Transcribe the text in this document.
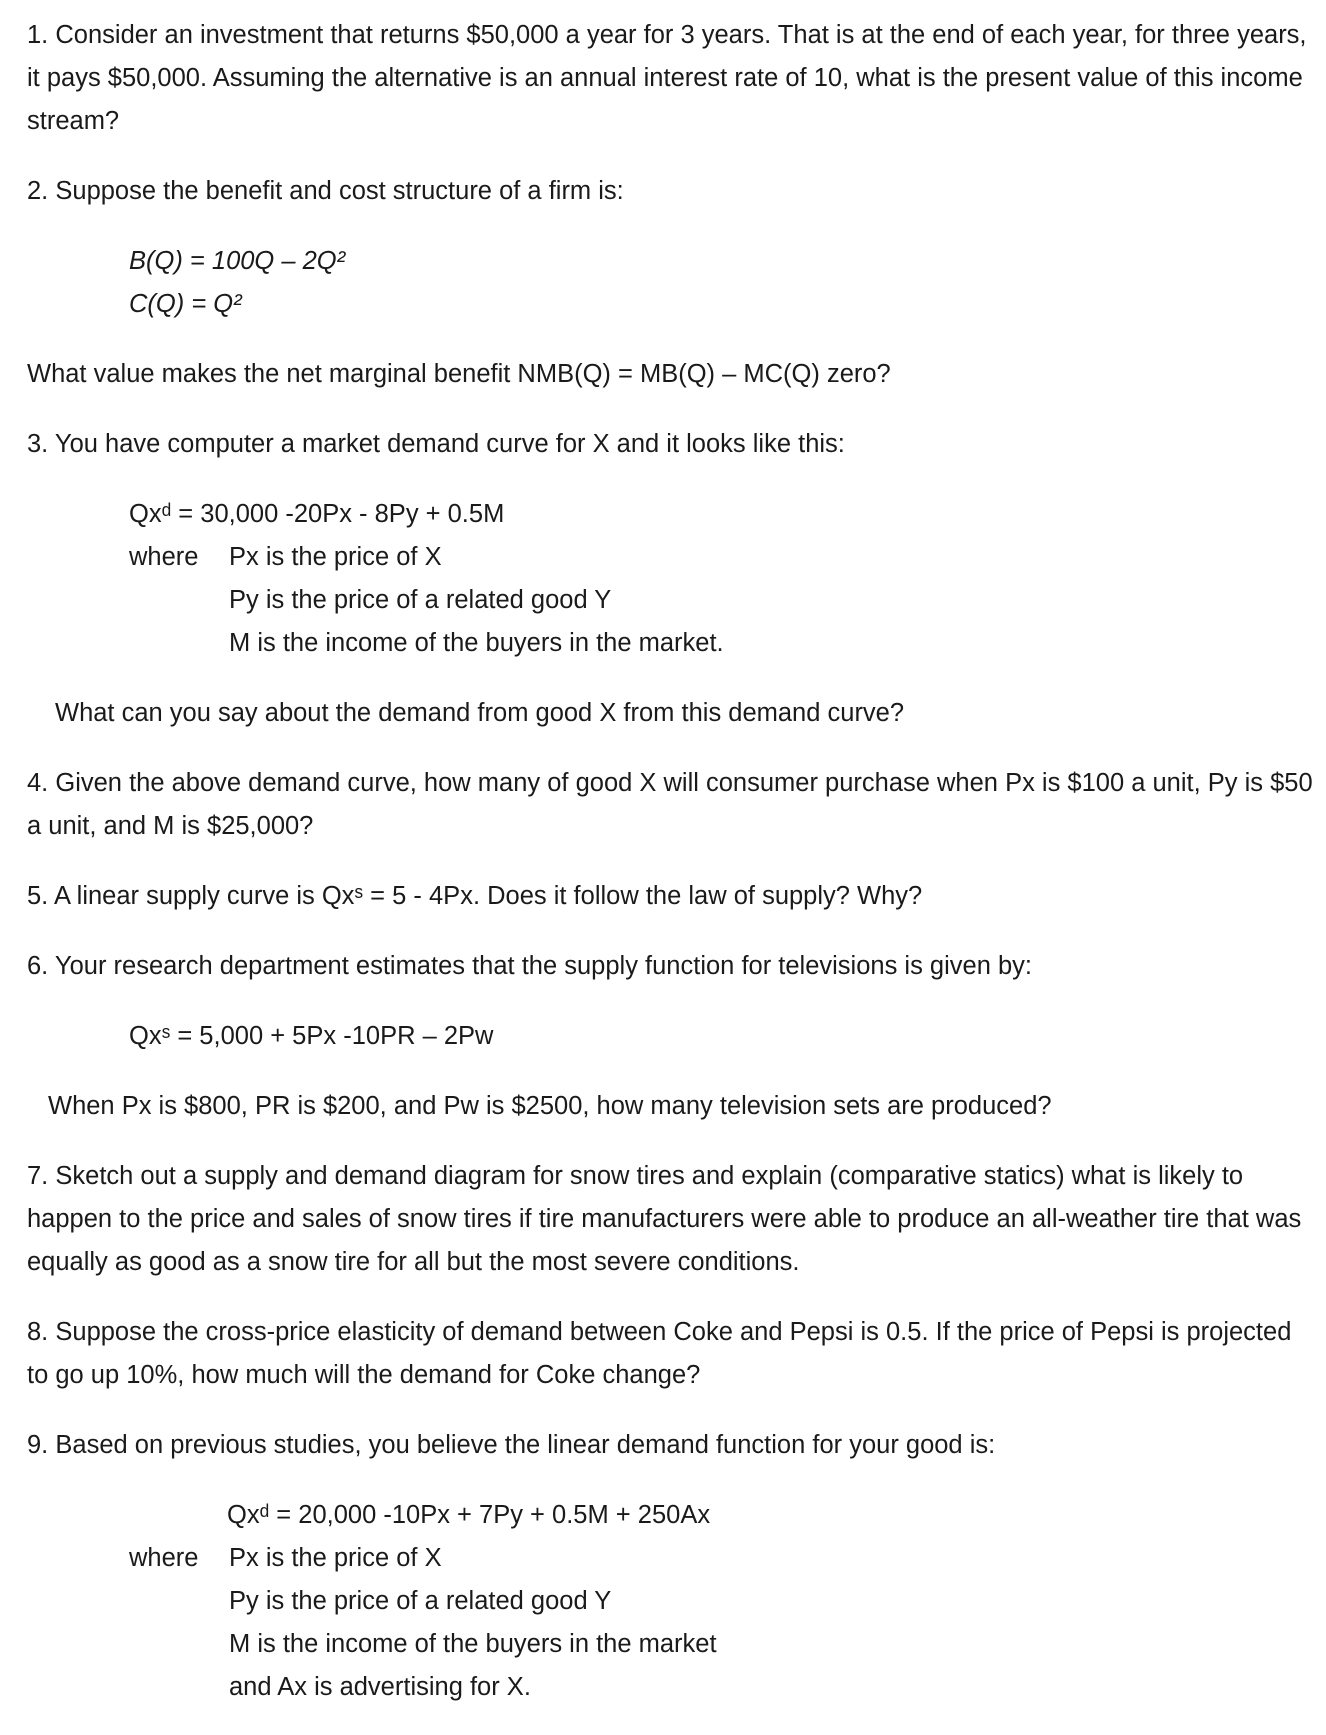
1. Consider an investment that returns $50,000 a year for 3 years. That is at the end of each year, for three years, it pays $50,000. Assuming the alternative is an annual interest rate of 10, what is the present value of this income stream?

2. Suppose the benefit and cost structure of a firm is:

B(Q) = 100Q – 2Q²

C(Q) = Q²

What value makes the net marginal benefit NMB(Q) = MB(Q) – MC(Q) zero?

3. You have computer a market demand curve for X and it looks like this:

Qxᵈ = 30,000 -20Px - 8Py + 0.5M

where	Px is the price of X

Py is the price of a related good Y

M is the income of the buyers in the market.

What can you say about the demand from good X from this demand curve?

4. Given the above demand curve, how many of good X will consumer purchase when Px is $100 a unit, Py is $50 a unit, and M is $25,000?

5. A linear supply curve is Qxˢ = 5 - 4Px. Does it follow the law of supply? Why?

6. Your research department estimates that the supply function for televisions is given by:

Qxˢ = 5,000 + 5Px -10PR – 2Pw

When Px is $800, PR is $200, and Pw is $2500, how many television sets are produced?

7. Sketch out a supply and demand diagram for snow tires and explain (comparative statics) what is likely to happen to the price and sales of snow tires if tire manufacturers were able to produce an all-weather tire that was equally as good as a snow tire for all but the most severe conditions.

8. Suppose the cross-price elasticity of demand between Coke and Pepsi is 0.5. If the price of Pepsi is projected to go up 10%, how much will the demand for Coke change?

9. Based on previous studies, you believe the linear demand function for your good is:

Qxᵈ = 20,000 -10Px + 7Py + 0.5M + 250Ax

where	Px is the price of X

Py is the price of a related good Y

M is the income of the buyers in the market

and Ax is advertising for X.
